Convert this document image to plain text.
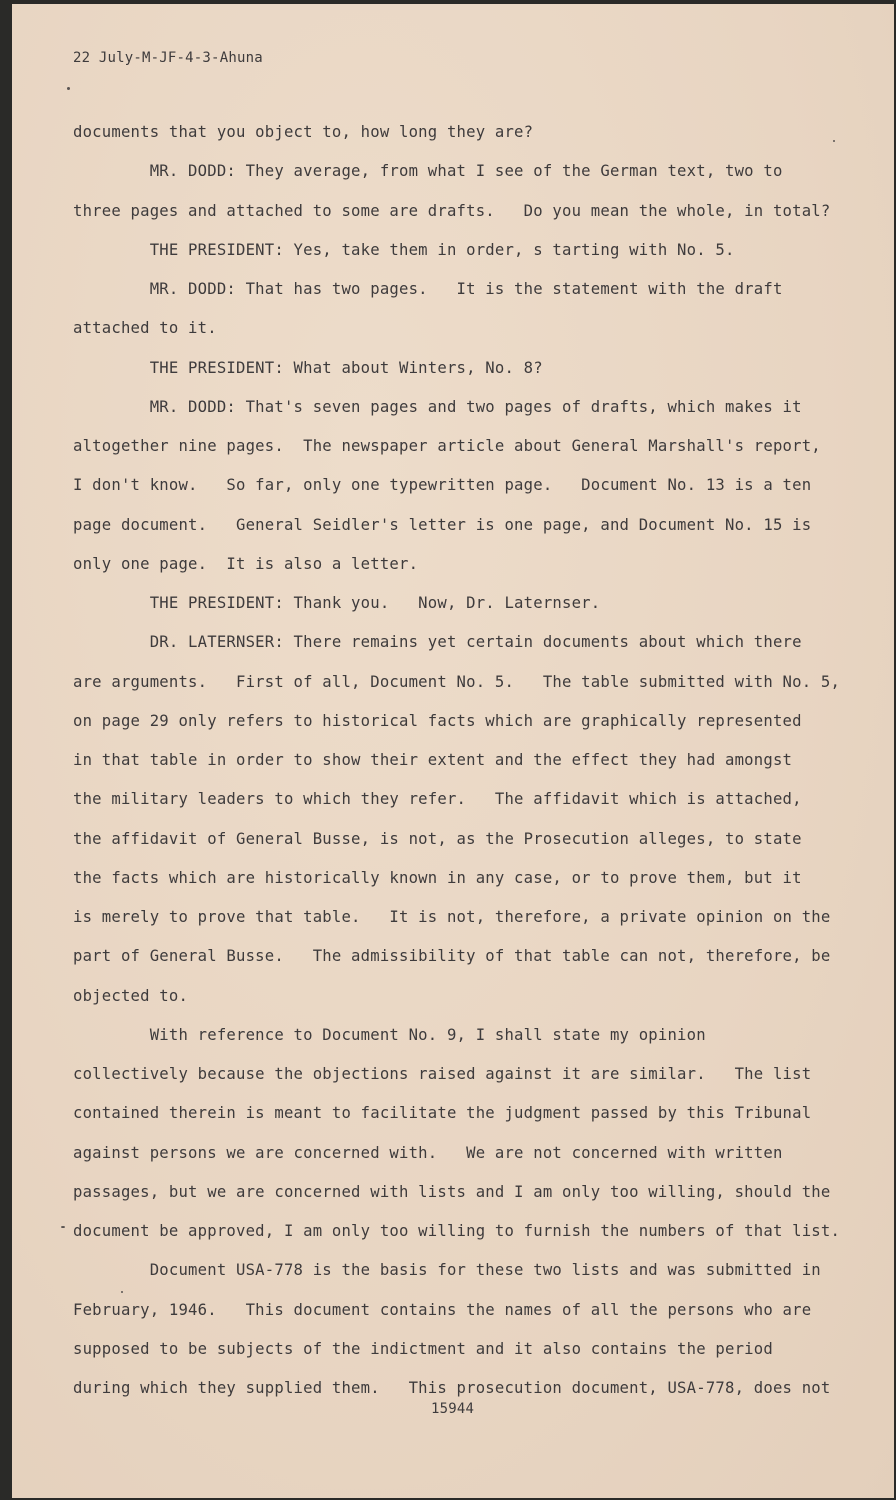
22 July-M-JF-4-3-Ahuna
documents that you object to, how long they are?
MR. DODD: They average, from what I see of the German text, two to
three pages and attached to some are drafts.   Do you mean the whole, in total?
THE PRESIDENT: Yes, take them in order, s tarting with No. 5.
MR. DODD: That has two pages.   It is the statement with the draft
attached to it.
THE PRESIDENT: What about Winters, No. 8?
MR. DODD: That's seven pages and two pages of drafts, which makes it
altogether nine pages.  The newspaper article about General Marshall's report,
I don't know.   So far, only one typewritten page.   Document No. 13 is a ten
page document.   General Seidler's letter is one page, and Document No. 15 is
only one page.  It is also a letter.
THE PRESIDENT: Thank you.   Now, Dr. Laternser.
DR. LATERNSER: There remains yet certain documents about which there
are arguments.   First of all, Document No. 5.   The table submitted with No. 5,
on page 29 only refers to historical facts which are graphically represented
in that table in order to show their extent and the effect they had amongst
the military leaders to which they refer.   The affidavit which is attached,
the affidavit of General Busse, is not, as the Prosecution alleges, to state
the facts which are historically known in any case, or to prove them, but it
is merely to prove that table.   It is not, therefore, a private opinion on the
part of General Busse.   The admissibility of that table can not, therefore, be
objected to.
With reference to Document No. 9, I shall state my opinion
collectively because the objections raised against it are similar.   The list
contained therein is meant to facilitate the judgment passed by this Tribunal
against persons we are concerned with.   We are not concerned with written
passages, but we are concerned with lists and I am only too willing, should the
document be approved, I am only too willing to furnish the numbers of that list.
Document USA-778 is the basis for these two lists and was submitted in
February, 1946.   This document contains the names of all the persons who are
supposed to be subjects of the indictment and it also contains the period
during which they supplied them.   This prosecution document, USA-778, does not
15944
